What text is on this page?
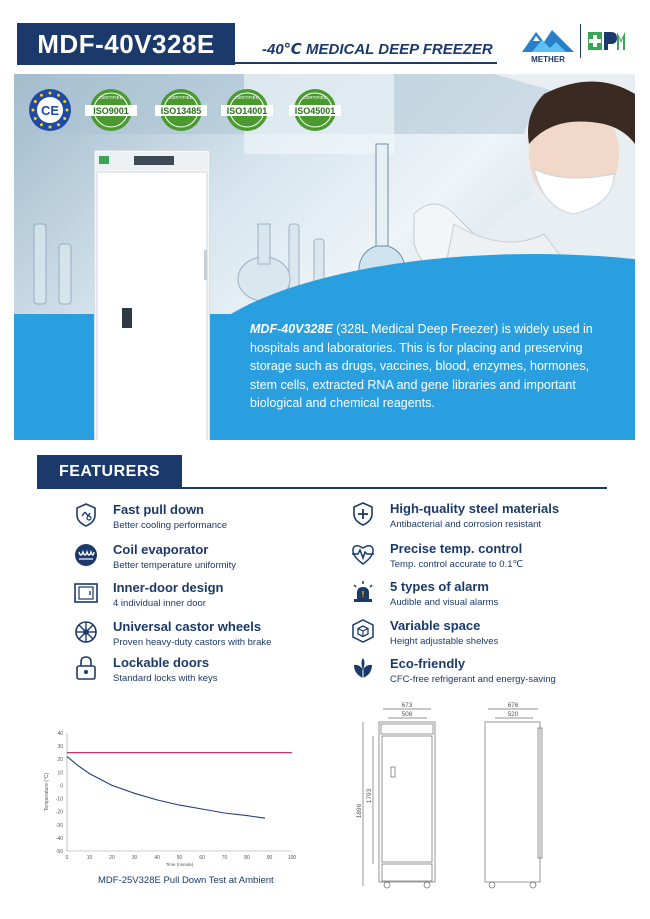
MDF-40V328E	-40℃ MEDICAL DEEP FREEZER
METHER
CE
CERTIFIED
ISO9001
CERTIFIED
ISO13485
CERTIFIED
ISO14001
CERTIFIED
ISO45001
MDF-40V328E (328L Medical Deep Freezer) is widely used in hospitals and laboratories. This is for placing and preserving storage such as drugs, vaccines, blood, enzymes, hormones, stem cells, extracted RNA and gene libraries and important biological and chemical reagents.
FEATURERS
Fast pull down
Better cooling performance
Coil evaporator
Better temperature uniformity
Inner-door design
4 individual inner door
Universal castor wheels
Proven heavy-duty castors with brake
Lockable doors
Standard locks with keys
High-quality steel materials
Antibacterial and corrosion resistant
Precise temp. control
Temp. control accurate to 0.1℃
!
5 types of alarm
Audible and visual alarms
Variable space
Height adjustable shelves
Eco-friendly
CFC-free refrigerant and energy-saving
40
30
20
10
0
-10
-20
-30
-40
-50
0	10	20	30	40	50	60	70	80	90	100
Time (minute)
Temperature (°C)
MDF-25V328E Pull Down Test at Ambient
673
508
676
520
1896
1793
